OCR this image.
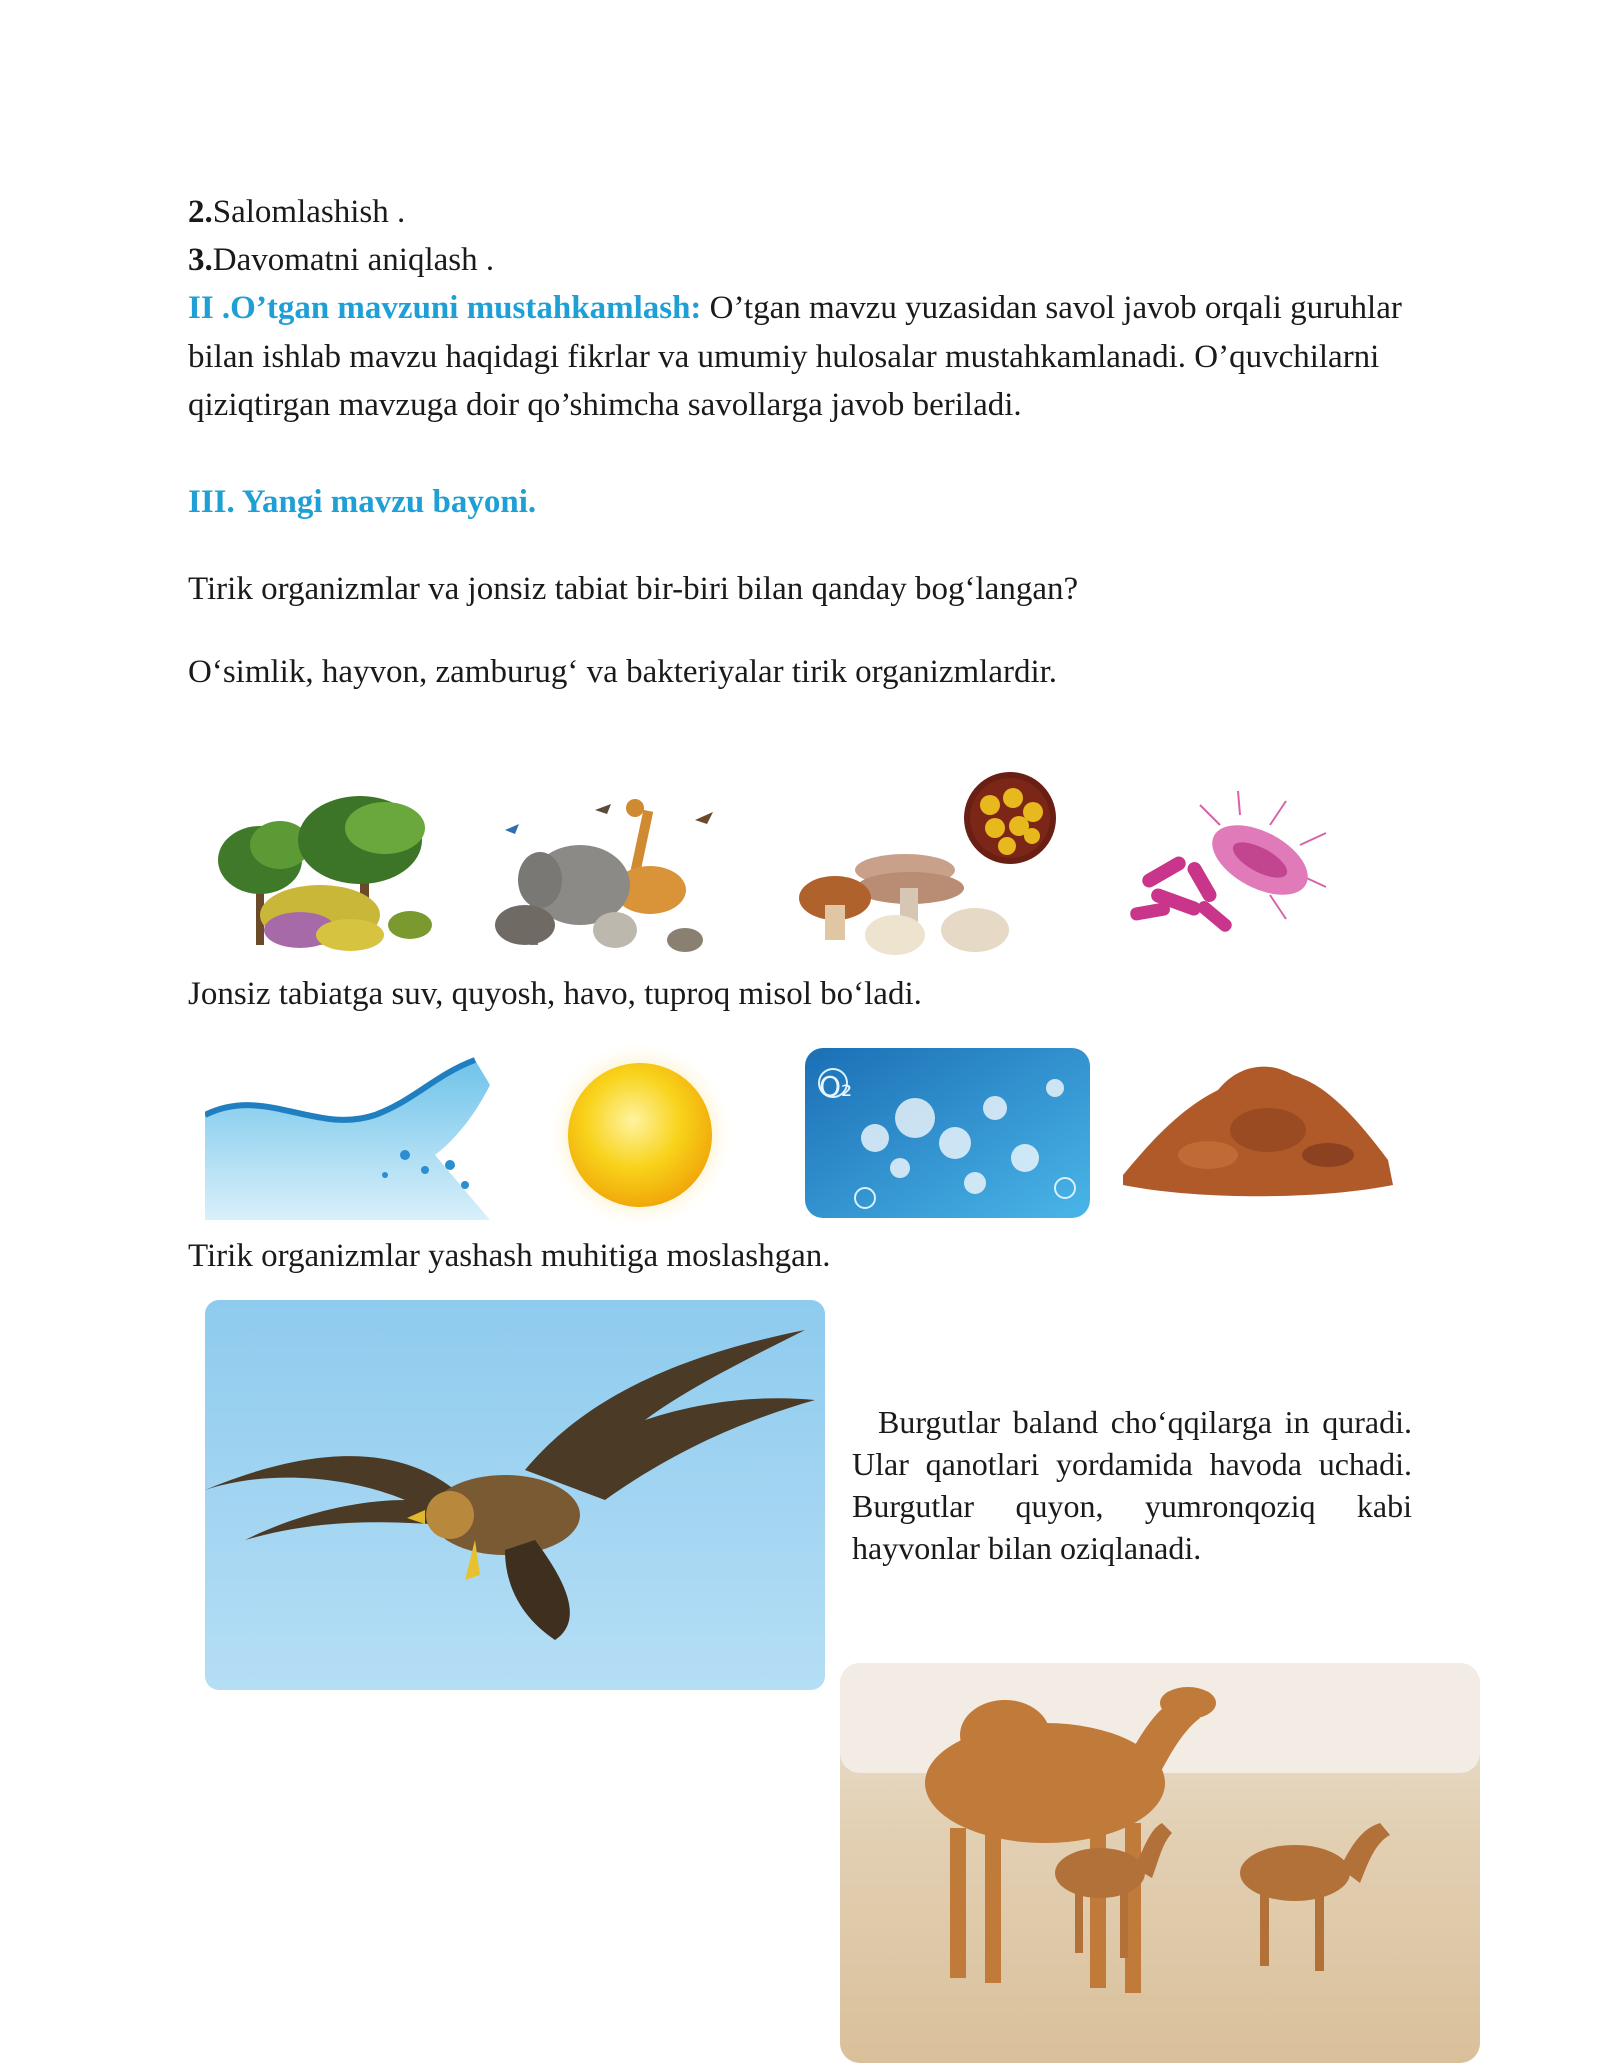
2.Salomlashish .
3.Davomatni aniqlash .
II .O’tgan mavzuni mustahkamlash: O’tgan mavzu yuzasidan savol javob orqali guruhlar bilan ishlab mavzu haqidagi fikrlar va umumiy hulosalar mustahkamlanadi. O’quvchilarni qiziqtirgan mavzuga doir qo’shimcha savollarga javob beriladi.
III. Yangi mavzu bayoni.
Tirik organizmlar va jonsiz tabiat bir-biri bilan qanday bog‘langan?
O‘simlik, hayvon, zamburug‘ va bakteriyalar tirik organizmlardir.
Jonsiz tabiatga suv, quyosh, havo, tuproq misol bo‘ladi.
O₂
Tirik organizmlar yashash muhitiga moslashgan.
Burgutlar baland cho‘qqilarga in quradi. Ular qanotlari yordamida havoda uchadi. Burgutlar quyon, yumronqoziq kabi hayvonlar bilan oziqlanadi.
